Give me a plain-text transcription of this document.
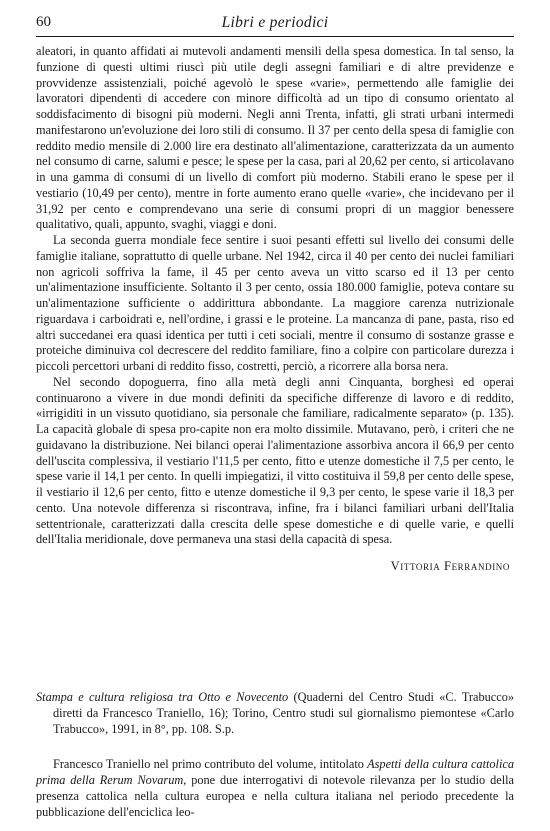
60	Libri e periodici

aleatori, in quanto affidati ai mutevoli andamenti mensili della spesa domestica. In tal senso, la funzione di questi ultimi riuscì più utile degli assegni familiari e di altre previdenze e provvidenze assistenziali, poiché agevolò le spese «varie», permettendo alle famiglie dei lavoratori dipendenti di accedere con minore difficoltà ad un tipo di consumo orientato al soddisfacimento di bisogni più moderni. Negli anni Trenta, infatti, gli strati urbani intermedi manifestarono un'evoluzione dei loro stili di consumo. Il 37 per cento della spesa di famiglie con reddito medio mensile di 2.000 lire era destinato all'alimentazione, caratterizzata da un aumento nel consumo di carne, salumi e pesce; le spese per la casa, pari al 20,62 per cento, si articolavano in una gamma di consumi di un livello di comfort più moderno. Stabili erano le spese per il vestiario (10,49 per cento), mentre in forte aumento erano quelle «varie», che incidevano per il 31,92 per cento e comprendevano una serie di consumi propri di un maggior benessere qualitativo, quali, appunto, svaghi, viaggi e doni.

La seconda guerra mondiale fece sentire i suoi pesanti effetti sul livello dei consumi delle famiglie italiane, soprattutto di quelle urbane. Nel 1942, circa il 40 per cento dei nuclei familiari non agricoli soffriva la fame, il 45 per cento aveva un vitto scarso ed il 13 per cento un'alimentazione insufficiente. Soltanto il 3 per cento, ossia 180.000 famiglie, poteva contare su un'alimentazione sufficiente o addirittura abbondante. La maggiore carenza nutrizionale riguardava i carboidrati e, nell'ordine, i grassi e le proteine. La mancanza di pane, pasta, riso ed altri succedanei era quasi identica per tutti i ceti sociali, mentre il consumo di sostanze grasse e proteiche diminuiva col decrescere del reddito familiare, fino a colpire con particolare durezza i piccoli percettori urbani di reddito fisso, costretti, perciò, a ricorrere alla borsa nera.

Nel secondo dopoguerra, fino alla metà degli anni Cinquanta, borghesi ed operai continuarono a vivere in due mondi definiti da specifiche differenze di lavoro e di reddito, «irrigiditi in un vissuto quotidiano, sia personale che familiare, radicalmente separato» (p. 135). La capacità globale di spesa pro-capite non era molto dissimile. Mutavano, però, i criteri che ne guidavano la distribuzione. Nei bilanci operai l'alimentazione assorbiva ancora il 66,9 per cento dell'uscita complessiva, il vestiario l'11,5 per cento, fitto e utenze domestiche il 7,5 per cento, le spese varie il 14,1 per cento. In quelli impiegatizi, il vitto costituiva il 59,8 per cento delle spese, il vestiario il 12,6 per cento, fitto e utenze domestiche il 9,3 per cento, le spese varie il 18,3 per cento. Una notevole differenza si riscontrava, infine, fra i bilanci familiari urbani dell'Italia settentrionale, caratterizzati dalla crescita delle spese domestiche e di quelle varie, e quelli dell'Italia meridionale, dove permaneva una stasi della capacità di spesa.

Vittoria Ferrandino
Stampa e cultura religiosa tra Otto e Novecento (Quaderni del Centro Studi «C. Trabucco» diretti da Francesco Traniello, 16); Torino, Centro studi sul giornalismo piemontese «Carlo Trabucco», 1991, in 8°, pp. 108. S.p.
Francesco Traniello nel primo contributo del volume, intitolato Aspetti della cultura cattolica prima della Rerum Novarum, pone due interrogativi di notevole rilevanza per lo studio della presenza cattolica nella cultura europea e nella cultura italiana nel periodo precedente la pubblicazione dell'enciclica leo-
